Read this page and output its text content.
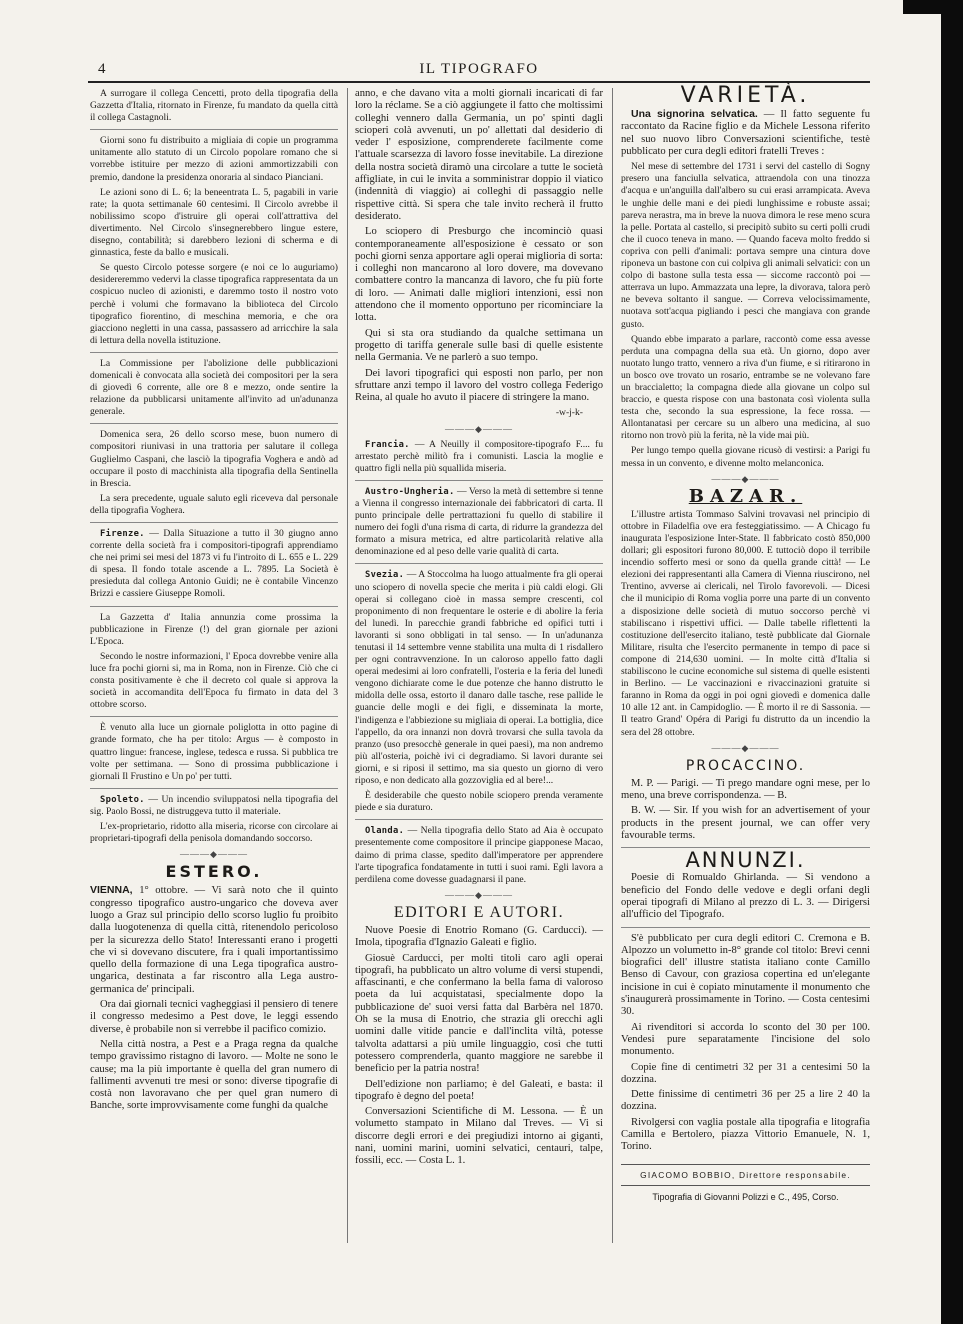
4	IL TIPOGRAFO

A surrogare il collega Cencetti, proto della tipografia della Gazzetta d'Italia, ritornato in Firenze, fu mandato da quella città il collega Castagnoli.

Giorni sono fu distribuito a migliaia di copie un programma unitamente allo statuto di un Circolo popolare romano che si vorrebbe istituire per mezzo di azioni ammortizzabili con premio, dandone la presidenza onoraria al sindaco Pianciani.

Le azioni sono di L. 6; la beneentrata L. 5, pagabili in varie rate; la quota settimanale 60 centesimi. Il Circolo avrebbe il nobilissimo scopo d'istruire gli operai coll'attrattiva del divertimento. Nel Circolo s'insegnerebbero lingue estere, disegno, contabilità; si darebbero lezioni di scherma e di ginnastica, feste da ballo e musicali.

Se questo Circolo potesse sorgere (e noi ce lo auguriamo) desidereremmo vedervi la classe tipografica rappresentata da un cospicuo nucleo di azionisti, e daremmo tosto il nostro voto perchè i volumi che formavano la biblioteca del Circolo tipografico fiorentino, di meschina memoria, e che ora giacciono negletti in una cassa, passassero ad arricchire la sala di lettura della novella istituzione.

La Commissione per l'abolizione delle pubblicazioni domenicali è convocata alla società dei compositori per la sera di giovedì 6 corrente, alle ore 8 e mezzo, onde sentire la relazione da pubblicarsi unitamente all'invito ad un'adunanza generale.

Domenica sera, 26 dello scorso mese, buon numero di compositori riunivasi in una trattoria per salutare il collega Guglielmo Caspani, che lasciò la tipografia Voghera e andò ad occupare il posto di macchinista alla tipografia della Sentinella in Brescia.

La sera precedente, uguale saluto egli riceveva dal personale della tipografia Voghera.

Firenze. — Dalla Situazione a tutto il 30 giugno anno corrente della società fra i compositori-tipografi apprendiamo che nei primi sei mesi del 1873 vi fu l'introito di L. 655 e L. 229 di spesa. Il fondo totale ascende a L. 7895. La Società è presieduta dal collega Antonio Guidi; ne è contabile Vincenzo Brizzi e cassiere Giuseppe Romoli.

La Gazzetta d' Italia annunzia come prossima la pubblicazione in Firenze (!) del gran giornale per azioni L'Epoca.

Secondo le nostre informazioni, l' Epoca dovrebbe venire alla luce fra pochi giorni si, ma in Roma, non in Firenze. Ciò che ci consta positivamente è che il decreto col quale si approva la società in accomandita dell'Epoca fu firmato in data del 3 ottobre scorso.

È venuto alla luce un giornale poliglotta in otto pagine di grande formato, che ha per titolo: Argus — è composto in quattro lingue: francese, inglese, tedesca e russa. Si pubblica tre volte per settimana. — Sono di prossima pubblicazione i giornali Il Frustino e Un po' per tutti.

Spoleto. — Un incendio sviluppatosi nella tipografia del sig. Paolo Bossi, ne distruggeva tutto il materiale.

L'ex-proprietario, ridotto alla miseria, ricorse con circolare ai proprietari-tipografi della penisola domandando soccorso.

———◆———
ESTERO.

VIENNA, 1° ottobre. — Vi sarà noto che il quinto congresso tipografico austro-ungarico che doveva aver luogo a Graz sul principio dello scorso luglio fu proibito dalla luogotenenza di quella città, ritenendolo pericoloso per la sicurezza dello Stato! Interessanti erano i progetti che vi si dovevano discutere, fra i quali importantissimo quello della formazione di una Lega tipografica austro-ungarica, destinata a far riscontro alla Lega austro-germanica de' principali.

Ora dai giornali tecnici vagheggiasi il pensiero di tenere il congresso medesimo a Pest dove, le leggi essendo diverse, è probabile non si verrebbe il pacifico comizio.

Nella città nostra, a Pest e a Praga regna da qualche tempo gravissimo ristagno di lavoro. — Molte ne sono le cause; ma la più importante è quella del gran numero di fallimenti avvenuti tre mesi or sono: diverse tipografie di costà non lavoravano che per quel gran numero di Banche, sorte improvvisamente come funghi da qualche

anno, e che davano vita a molti giornali incaricati di far loro la réclame. Se a ciò aggiungete il fatto che moltissimi colleghi vennero dalla Germania, un po' spinti dagli scioperi colà avvenuti, un po' allettati dal desiderio di veder l' esposizione, comprenderete facilmente come l'attuale scarsezza di lavoro fosse inevitabile. La direzione della nostra società diramò una circolare a tutte le società affigliate, in cui le invita a somministrar doppio il viatico (indennità di viaggio) ai colleghi di passaggio nelle rispettive città. Si spera che tale invito recherà il frutto desiderato.

Lo sciopero di Presburgo che incominciò quasi contemporaneamente all'esposizione è cessato or son pochi giorni senza apportare agli operai miglioria di sorta: i colleghi non mancarono al loro dovere, ma dovevano combattere contro la mancanza di lavoro, che fu più forte di loro. — Animati dalle migliori intenzioni, essi non attendono che il momento opportuno per ricominciare la lotta.

Qui si sta ora studiando da qualche settimana un progetto di tariffa generale sulle basi di quelle esistente nella Germania. Ve ne parlerò a suo tempo.

Dei lavori tipografici qui esposti non parlo, per non sfruttare anzi tempo il lavoro del vostro collega Federigo Reina, al quale ho avuto il piacere di stringere la mano.

-w-j-k-
———◆———

Francia. — A Neuilly il compositore-tipografo F.... fu arrestato perchè militò fra i comunisti. Lascia la moglie e quattro figli nella più squallida miseria.

Austro-Ungheria. — Verso la metà di settembre si tenne a Vienna il congresso internazionale dei fabbricatori di carta. Il punto principale delle pertrattazioni fu quello di stabilire il numero dei fogli d'una risma di carta, di ridurre la grandezza del formato a misura metrica, ed altre particolarità relative alla denominazione ed al peso delle varie qualità di carta.

Svezia. — A Stoccolma ha luogo attualmente fra gli operai uno sciopero di novella specie che merita i più caldi elogi. Gli operai si collegano cioè in massa sempre crescenti, col proponimento di non frequentare le osterie e di abolire la feria del lunedì. In parecchie grandi fabbriche ed opifici tutti i lavoranti si sono obbligati in tal senso. — In un'adunanza tenutasi il 14 settembre venne stabilita una multa di 1 risdallero per ogni contravvenzione. In un caloroso appello fatto dagli operai medesimi ai loro confratelli, l'osteria e la feria del lunedì vengono dichiarate come le due potenze che hanno distrutto le midolla delle ossa, estorto il danaro dalle tasche, rese pallide le guancie delle mogli e dei figli, e disseminata la morte, l'indigenza e l'abbiezione su migliaia di operai. La bottiglia, dice l'appello, da ora innanzi non dovrà trovarsi che sulla tavola da pranzo (uso presocchè generale in quei paesi), ma non andremo più all'osteria, poichè ivi ci degradiamo. Si lavori durante sei giorni, e si riposi il settimo, ma sia questo un giorno di vero riposo, e non dedicato alla gozzoviglia ed al bere!...

È desiderabile che questo nobile sciopero prenda veramente piede e sia duraturo.

Olanda. — Nella tipografia dello Stato ad Aia è occupato presentemente come compositore il principe giapponese Macao, daimo di prima classe, spedito dall'imperatore per apprendere l'arte tipografica fondatamente in tutti i suoi rami. Egli lavora a perdilena come dovesse guadagnarsi il pane.

———◆———
EDITORI E AUTORI.

Nuove Poesie di Enotrio Romano (G. Carducci). — Imola, tipografia d'Ignazio Galeati e figlio.

Giosuè Carducci, per molti titoli caro agli operai tipografi, ha pubblicato un altro volume di versi stupendi, affascinanti, e che confermano la bella fama di valoroso poeta da lui acquistatasi, specialmente dopo la pubblicazione de' suoi versi fatta dal Barbèra nel 1870. Oh se la musa di Enotrio, che strazia gli orecchi agli uomini dalle vitide pancie e dall'inclita viltà, potesse talvolta adattarsi a più umile linguaggio, così che tutti potessero comprenderla, quanto maggiore ne sarebbe il beneficio per la patria nostra!

Dell'edizione non parliamo; è del Galeati, e basta: il tipografo è degno del poeta!

Conversazioni Scientifiche di M. Lessona. — È un volumetto stampato in Milano dal Treves. — Vi si discorre degli errori e dei pregiudizi intorno ai giganti, nani, uomini marini, uomini selvatici, centauri, talpe, fossili, ecc. — Costa L. 1.

VARIETÀ.

Una signorina selvatica. — Il fatto seguente fu raccontato da Racine figlio e da Michele Lessona riferito nel suo nuovo libro Conversazioni scientifiche, testè pubblicato per cura degli editori fratelli Treves :

Nel mese di settembre del 1731 i servi del castello di Sogny presero una fanciulla selvatica, attraendola con una tinozza d'acqua e un'anguilla dall'albero su cui erasi arrampicata. Aveva le unghie delle mani e dei piedi lunghissime e robuste assai; pareva nerastra, ma in breve la nuova dimora le rese meno scura la pelle. Portata al castello, si precipitò subito su certi polli crudi che il cuoco teneva in mano. — Quando faceva molto freddo si copriva con pelli d'animali: portava sempre una cintura dove riponeva un bastone con cui colpiva gli animali selvatici: con un colpo di bastone sulla testa essa — siccome raccontò poi — atterrava un lupo. Ammazzata una lepre, la divorava, talora però ne beveva soltanto il sangue. — Correva velocissimamente, nuotava sott'acqua pigliando i pesci che mangiava con grande gusto.

Quando ebbe imparato a parlare, raccontò come essa avesse perduta una compagna della sua età. Un giorno, dopo aver nuotato lungo tratto, vennero a riva d'un fiume, e si ritirarono in un bosco ove trovato un rosario, entrambe se ne volevano fare un braccialetto; la compagna diede alla giovane un colpo sul braccio, e questa rispose con una bastonata così violenta sulla testa che, secondo la sua espressione, la fece rossa. — Allontanatasi per cercare su un albero una medicina, al suo ritorno non trovò più la ferita, nè la vide mai più.

Per lungo tempo quella giovane ricusò di vestirsi: a Parigi fu messa in un convento, e divenne molto melanconica.

———◆———
BAZAR.

L'illustre artista Tommaso Salvini trovavasi nel principio di ottobre in Filadelfia ove era festeggiatissimo. — A Chicago fu inaugurata l'esposizione Inter-State. Il fabbricato costò 850,000 dollari; gli espositori furono 80,000. E tuttociò dopo il terribile incendio sofferto mesi or sono da quella grande città! — Le elezioni dei rappresentanti alla Camera di Vienna riuscirono, nel Trentino, avverse ai clericali, nel Tirolo favorevoli. — Dicesi che il municipio di Roma voglia porre una parte di un convento a disposizione delle società di mutuo soccorso perchè vi stabiliscano i rispettivi uffici. — Dalle tabelle riflettenti la costituzione dell'esercito italiano, testè pubblicate dal Giornale Militare, risulta che l'esercito permanente in tempo di pace si compone di 214,630 uomini. — In molte città d'Italia si stabiliscono le cucine economiche sul sistema di quelle esistenti in Berlino. — Le vaccinazioni e rivaccinazioni gratuite si faranno in Roma da oggi in poi ogni giovedì e domenica dalle 10 alle 12 ant. in Campidoglio. — È morto il re di Sassonia. — Il teatro Grand' Opéra di Parigi fu distrutto da un incendio la sera del 28 ottobre.

———◆———
PROCACCINO.

M. P. — Parigi. — Ti prego mandare ogni mese, per lo meno, una breve corrispondenza. — B.

B. W. — Sir. If you wish for an advertisement of your products in the present journal, we can offer very favourable terms.

ANNUNZI.

Poesie di Romualdo Ghirlanda. — Si vendono a beneficio del Fondo delle vedove e degli orfani degli operai tipografi di Milano al prezzo di L. 3. — Dirigersi all'ufficio del Tipografo.

S'è pubblicato per cura degli editori C. Cremona e B. Alpozzo un volumetto in-8° grande col titolo: Brevi cenni biografici dell' illustre statista italiano conte Camillo Benso di Cavour, con graziosa copertina ed un'elegante incisione in cui è copiato minutamente il monumento che s'inaugurerà prossimamente in Torino. — Costa centesimi 30.

Ai rivenditori si accorda lo sconto del 30 per 100. Vendesi pure separatamente l'incisione del solo monumento.

Copie fine di centimetri 32 per 31 a centesimi 50 la dozzina.

Dette finissime di centimetri 36 per 25 a lire 2 40 la dozzina.

Rivolgersi con vaglia postale alla tipografia e litografia Camilla e Bertolero, piazza Vittorio Emanuele, N. 1, Torino.

GIACOMO BOBBIO, Direttore responsabile.
Tipografia di Giovanni Polizzi e C., 495, Corso.
